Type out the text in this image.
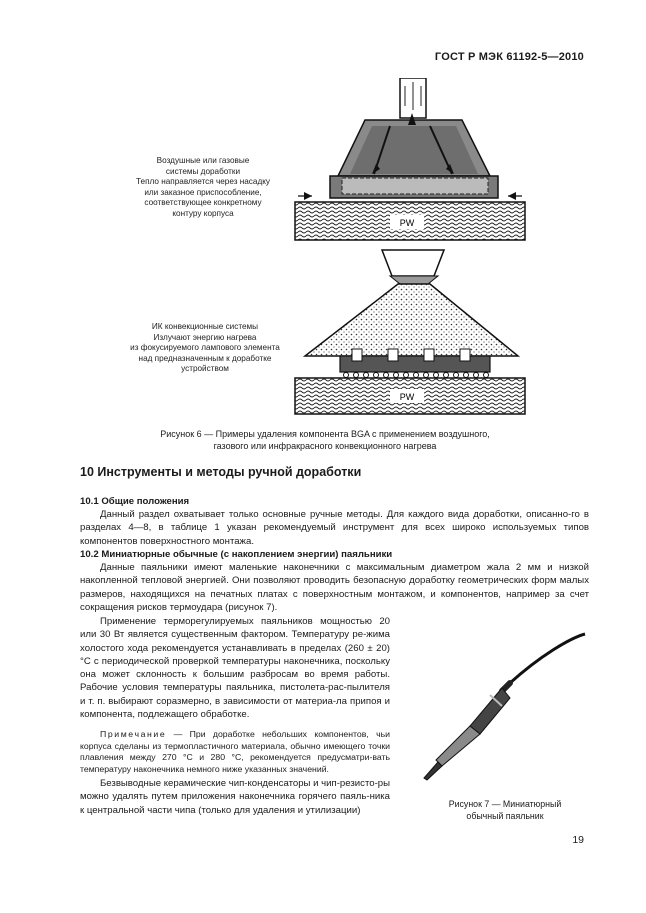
ГОСТ Р МЭК 61192-5—2010
Воздушные или газовые
системы доработки
Тепло направляется через насадку
или заказное приспособление,
соответствующее конкретному
контуру корпуса
ИК конвекционные системы
Излучают энергию нагрева
из фокусируемого лампового элемента
над предназначенным к доработке
устройством
PW
PW
Рисунок 6 — Примеры удаления компонента BGA с применением воздушного,
газового или инфракрасного конвекционного нагрева
10 Инструменты и методы ручной доработки
10.1 Общие положения
Данный раздел охватывает только основные ручные методы. Для каждого вида доработки, описанно-го в разделах 4—8, в таблице 1 указан рекомендуемый инструмент для всех широко используемых типов компонентов поверхностного монтажа.
10.2 Миниатюрные обычные (с накоплением энергии) паяльники
Данные паяльники имеют маленькие наконечники с максимальным диаметром жала 2 мм и низкой накопленной тепловой энергией. Они позволяют проводить безопасную доработку геометрических форм малых размеров, находящихся на печатных платах с поверхностным монтажом, и компонентов, например за счет сокращения рисков термоудара (рисунок 7).
Применение терморегулируемых паяльников мощностью 20 или 30 Вт является существенным фактором. Температуру ре-жима холостого хода рекомендуется устанавливать в пределах (260 ± 20)°С с периодической проверкой температуры наконечника, поскольку она может склонность к большим разбросам во время работы. Рабочие условия температуры паяльника, пистолета-рас-пылителя и т. п. выбирают соразмерно, в зависимости от материа-ла припоя и компонента, подлежащего обработке.
Примечание — При доработке небольших компонентов, чьи корпуса сделаны из термопластичного материала, обычно имеющего точки плавления между 270 °С и 280 °С, рекомендуется предусматри-вать температуру наконечника немного ниже указанных значений.
Безвыводные керамические чип-конденсаторы и чип-резисто-ры можно удалять путем приложения наконечника горячего паяль-ника к центральной части чипа (только для удаления и утилизации)
Рисунок 7 — Миниатюрный
обычный паяльник
19
